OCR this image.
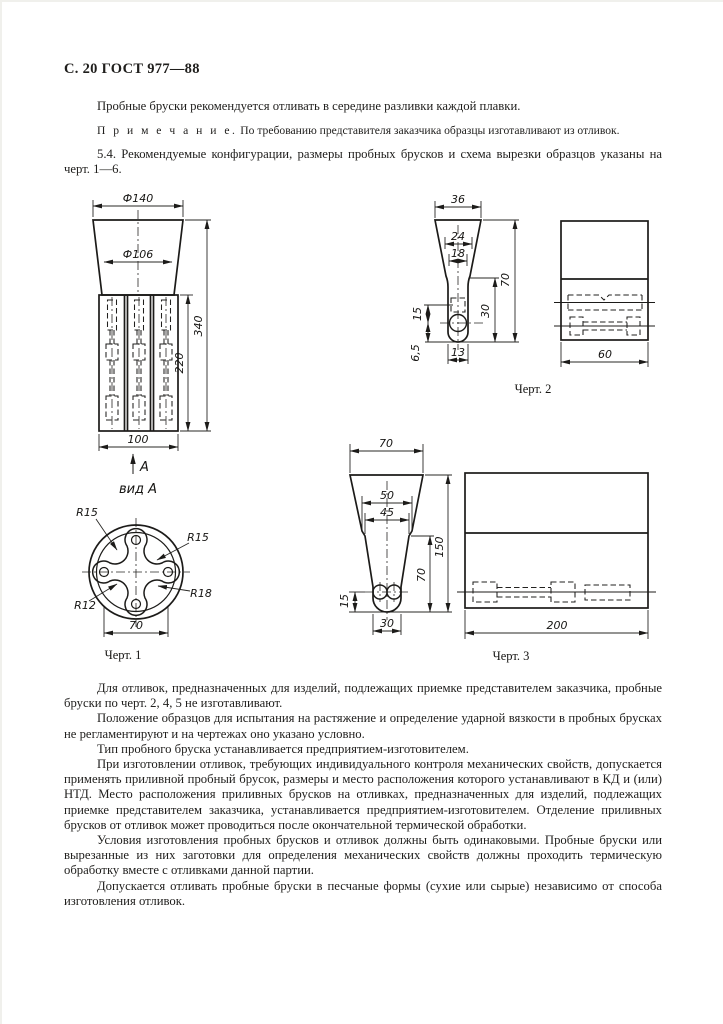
С. 20 ГОСТ 977—88

Пробные бруски рекомендуется отливать в середине разливки каждой плавки.

П р и м е ч а н и е. По требованию представителя заказчика образцы изготавливают из отливок.

5.4. Рекомендуемые конфигурации, размеры пробных брусков и схема вырезки образцов указаны на черт. 1—6.

Ф140
Ф106
340
220
100
А
вид А
R15
R15
R18
R12
70
Черт. 1
36
24
18
70
30
15
6,5	13	60
Черт. 2
70
50
45
150
70
15
30	200
Черт. 3

Для отливок, предназначенных для изделий, подлежащих приемке представителем заказчика, пробные бруски по черт. 2, 4, 5 не изготавливают.

Положение образцов для испытания на растяжение и определение ударной вязкости в пробных брусках не регламентируют и на чертежах оно указано условно.

Тип пробного бруска устанавливается предприятием-изготовителем.

При изготовлении отливок, требующих индивидуального контроля механических свойств, допускается применять приливной пробный брусок, размеры и место расположения которого устанавливают в КД и (или) НТД. Место расположения приливных брусков на отливках, предназначенных для изделий, подлежащих приемке представителем заказчика, устанавливается предприятием-изготовителем. Отделение приливных брусков от отливок может проводиться после окончательной термической обработки.

Условия изготовления пробных брусков и отливок должны быть одинаковыми. Пробные бруски или вырезанные из них заготовки для определения механических свойств должны проходить термическую обработку вместе с отливками данной партии.

Допускается отливать пробные бруски в песчаные формы (сухие или сырые) независимо от способа изготовления отливок.
